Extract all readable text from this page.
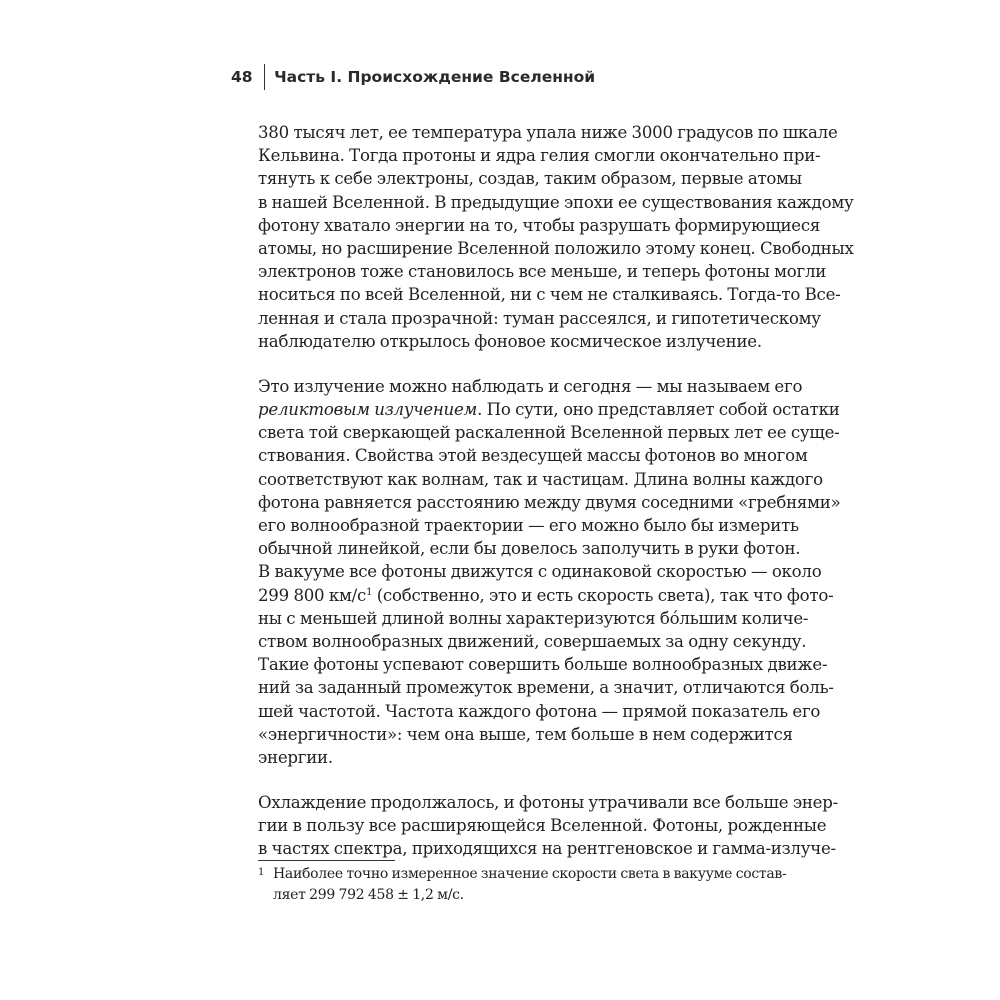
48 Часть I. Происхождение Вселенной
380 тысяч лет, ее температура упала ниже 3000 градусов по шкале
Кельвина. Тогда протоны и ядра гелия смогли окончательно при-
тянуть к себе электроны, создав, таким образом, первые атомы
в нашей Вселенной. В предыдущие эпохи ее существования каждому
фотону хватало энергии на то, чтобы разрушать формирующиеся
атомы, но расширение Вселенной положило этому конец. Свободных
электронов тоже становилось все меньше, и теперь фотоны могли
носиться по всей Вселенной, ни с чем не сталкиваясь. Тогда-то Все-
ленная и стала прозрачной: туман рассеялся, и гипотетическому
наблюдателю открылось фоновое космическое излучение.
Это излучение можно наблюдать и сегодня — мы называем его
реликтовым излучением. По сути, оно представляет собой остатки
света той сверкающей раскаленной Вселенной первых лет ее суще-
ствования. Свойства этой вездесущей массы фотонов во многом
соответствуют как волнам, так и частицам. Длина волны каждого
фотона равняется расстоянию между двумя соседними «гребнями»
его волнообразной траектории — его можно было бы измерить
обычной линейкой, если бы довелось заполучить в руки фотон.
В вакууме все фотоны движутся с одинаковой скоростью — около
299 800 $км/с^1$ (собственно, это и есть скорость света), так что фото-
ны с меньшей длиной волны характеризуются бóльшим количе-
ством волнообразных движений, совершаемых за одну секунду.
Такие фотоны успевают совершить больше волнообразных движе-
ний за заданный промежуток времени, а значит, отличаются боль-
шей частотой. Частота каждого фотона — прямой показатель его
«энергичности»: чем она выше, тем больше в нем содержится
энергии.
Охлаждение продолжалось, и фотоны утрачивали все больше энер-
гии в пользу все расширяющейся Вселенной. Фотоны, рожденные
в частях спектра, приходящихся на рентгеновское и гамма-излуче-
1 Наиболее точно измеренное значение скорости света в вакууме состав-
ляет 299 792 458 ± 1,2 м/с.
